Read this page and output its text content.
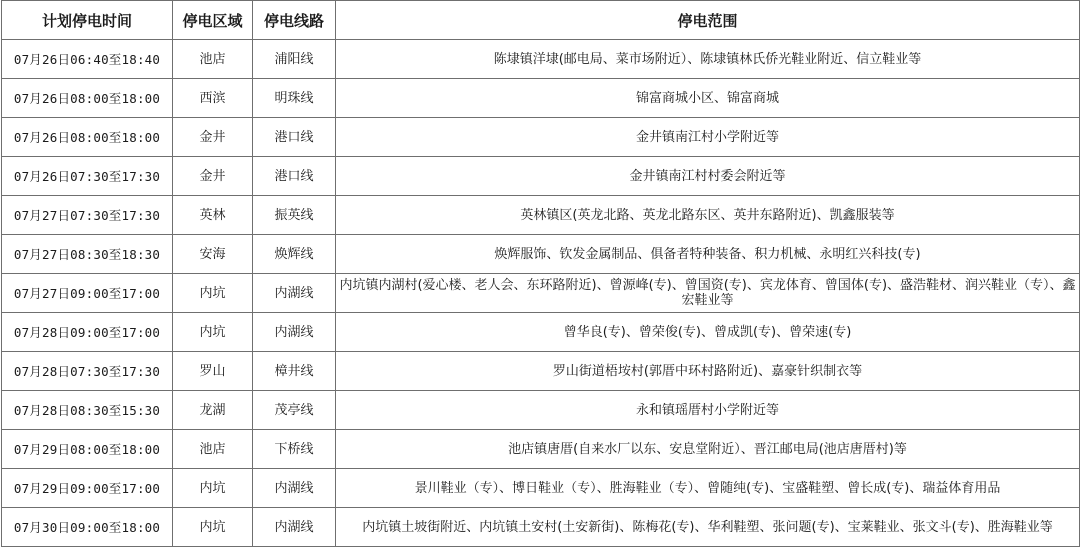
计划停电时间	停电区域	停电线路	停电范围
07月26日06:40至18:40	池店	浦阳线	陈埭镇洋埭(邮电局、菜市场附近）、陈埭镇林氏侨光鞋业附近、信立鞋业等
07月26日08:00至18:00	西滨	明珠线	锦富商城小区、锦富商城
07月26日08:00至18:00	金井	港口线	金井镇南江村小学附近等
07月26日07:30至17:30	金井	港口线	金井镇南江村村委会附近等
07月27日07:30至17:30	英林	振英线	英林镇区(英龙北路、英龙北路东区、英井东路附近)、凯鑫服装等
07月27日08:30至18:30	安海	焕辉线	焕辉服饰、钦发金属制品、俱备者特种装备、积力机械、永明红兴科技(专)
07月27日09:00至17:00	内坑	内湖线	内坑镇内湖村(爱心楼、老人会、东环路附近)、曾源峰(专)、曾国资(专)、宾龙体育、曾国体(专)、盛浩鞋材、润兴鞋业（专）、鑫宏鞋业等
07月28日09:00至17:00	内坑	内湖线	曾华良(专)、曾荣俊(专)、曾成凯(专)、曾荣速(专)
07月28日07:30至17:30	罗山	樟井线	罗山街道梧垵村(郭厝中环村路附近)、嘉豪针织制衣等
07月28日08:30至15:30	龙湖	茂亭线	永和镇瑶厝村小学附近等
07月29日08:00至18:00	池店	下桥线	池店镇唐厝(自来水厂以东、安息堂附近）、晋江邮电局(池店唐厝村)等
07月29日09:00至17:00	内坑	内湖线	景川鞋业（专）、博日鞋业（专）、胜海鞋业（专）、曾随纯(专)、宝盛鞋塑、曾长成(专)、瑞益体育用品
07月30日09:00至18:00	内坑	内湖线	内坑镇土坡街附近、内坑镇土安村(土安新街)、陈梅花(专)、华利鞋塑、张问题(专)、宝莱鞋业、张文斗(专)、胜海鞋业等
